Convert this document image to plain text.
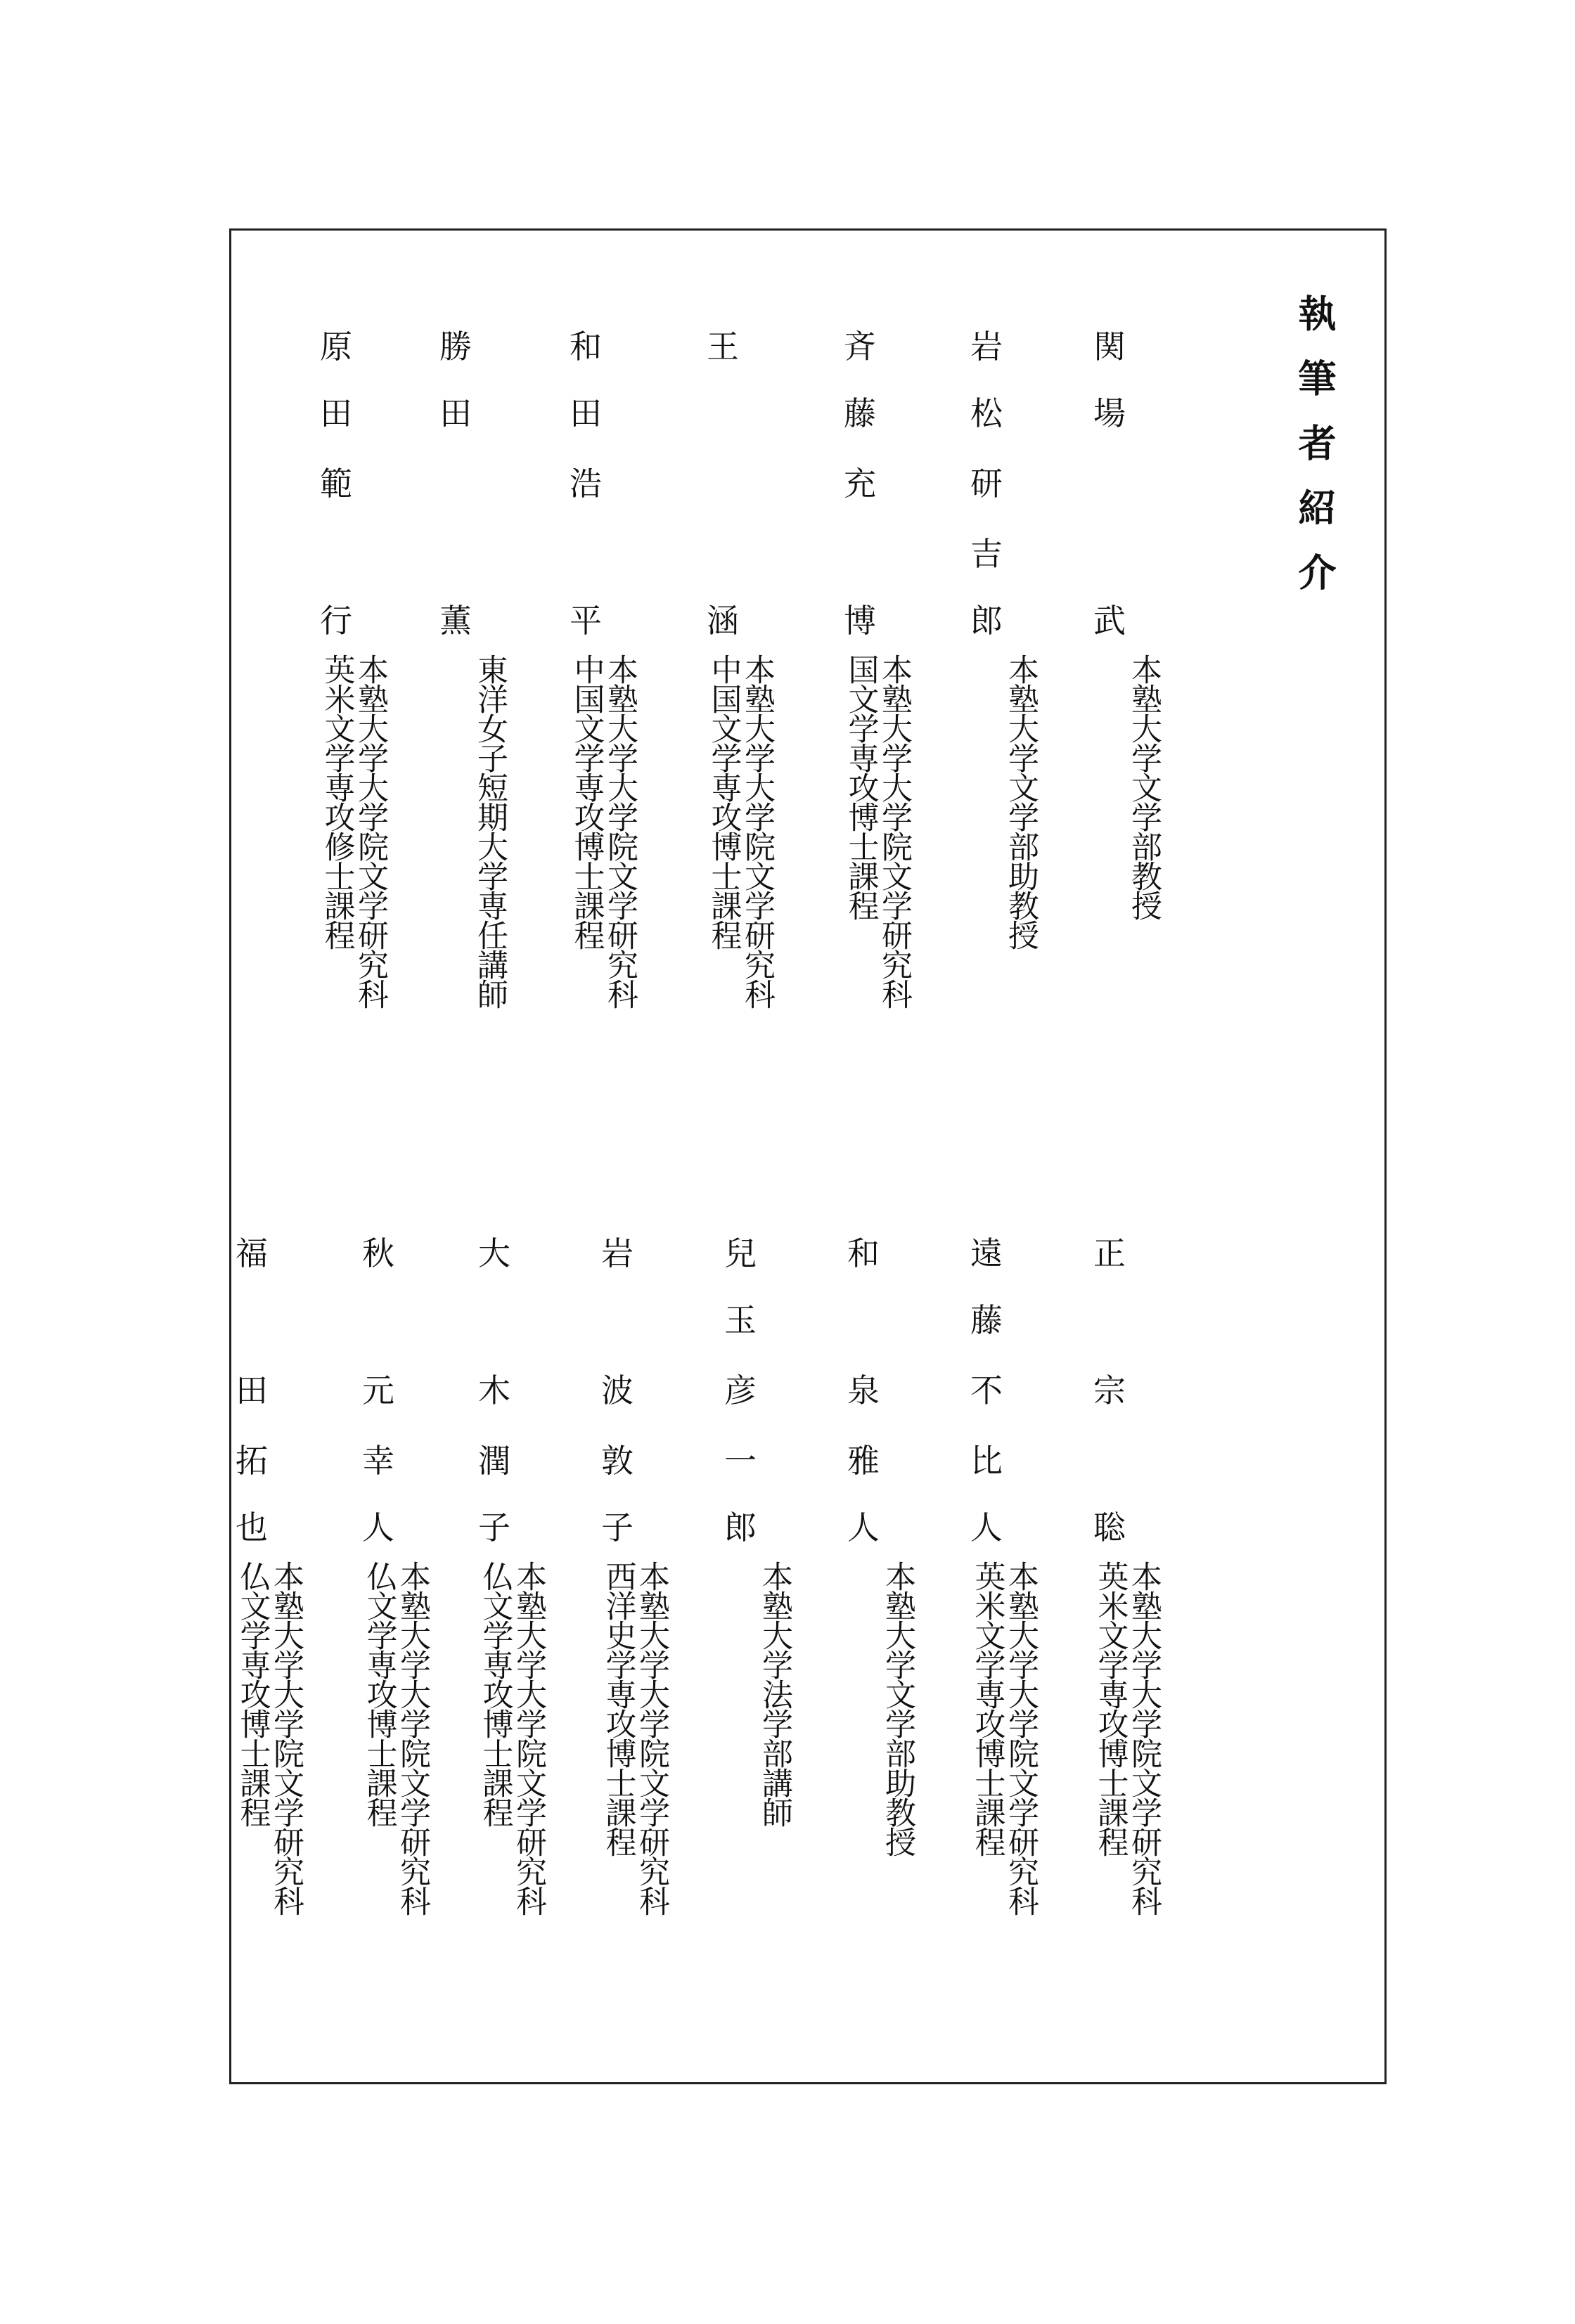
執筆者紹介
関
場
武
本塾大学文学部教授
岩
松
研
吉
郎
本塾大学文学部助教授
斉
藤
充
博
本塾大学大学院文学研究科
国文学専攻博士課程
王
涵
本塾大学大学院文学研究科
中国文学専攻博士課程
和
田
浩
平
本塾大学大学院文学研究科
中国文学専攻博士課程
勝
田
薫
東洋女子短期大学専任講師
原
田
範
行
本塾大学大学院文学研究科
英米文学専攻修士課程
正
宗
聡
本塾大学大学院文学研究科
英米文学専攻博士課程
遠
藤
不
比
人
本塾大学大学院文学研究科
英米文学専攻博士課程
和
泉
雅
人
本塾大学文学部助教授
兒
玉
彦
一
郎
本塾大学法学部講師
岩
波
敦
子
本塾大学大学院文学研究科
西洋史学専攻博士課程
大
木
潤
子
本塾大学大学院文学研究科
仏文学専攻博士課程
秋
元
幸
人
本塾大学大学院文学研究科
仏文学専攻博士課程
福
田
拓
也
本塾大学大学院文学研究科
仏文学専攻博士課程
